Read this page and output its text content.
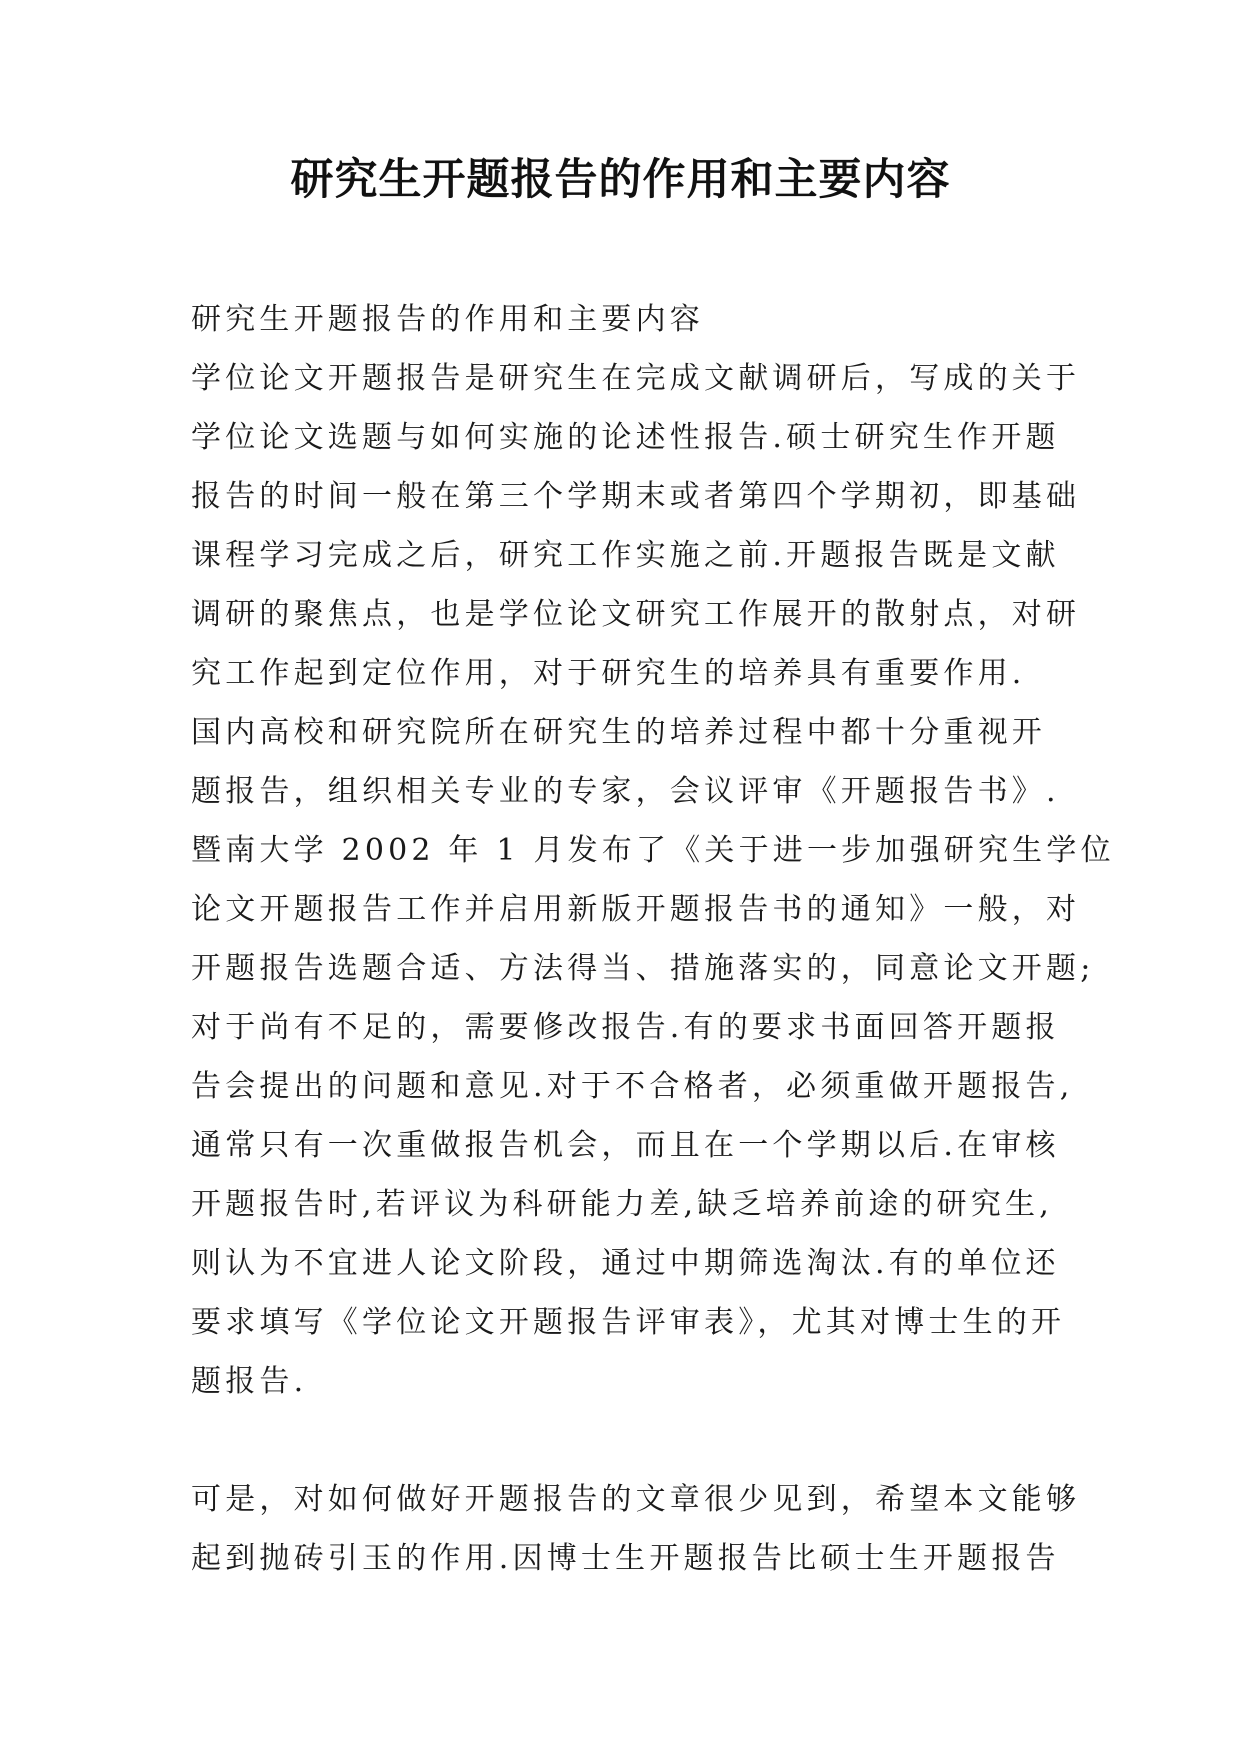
研究生开题报告的作用和主要内容
研究生开题报告的作用和主要内容
学位论文开题报告是研究生在完成文献调研后，写成的关于
学位论文选题与如何实施的论述性报告.硕士研究生作开题
报告的时间一般在第三个学期末或者第四个学期初，即基础
课程学习完成之后，研究工作实施之前.开题报告既是文献
调研的聚焦点，也是学位论文研究工作展开的散射点，对研
究工作起到定位作用，对于研究生的培养具有重要作用.
国内高校和研究院所在研究生的培养过程中都十分重视开
题报告，组织相关专业的专家，会议评审《开题报告书》.
暨南大学 2002 年 1 月发布了《关于进一步加强研究生学位
论文开题报告工作并启用新版开题报告书的通知》一般，对
开题报告选题合适、方法得当、措施落实的，同意论文开题;
对于尚有不足的，需要修改报告.有的要求书面回答开题报
告会提出的问题和意见.对于不合格者，必须重做开题报告,
通常只有一次重做报告机会，而且在一个学期以后.在审核
开题报告时,若评议为科研能力差,缺乏培养前途的研究生,
则认为不宜进人论文阶段，通过中期筛选淘汰.有的单位还
要求填写《学位论文开题报告评审表》，尤其对博士生的开
题报告.
可是，对如何做好开题报告的文章很少见到，希望本文能够
起到抛砖引玉的作用.因博士生开题报告比硕士生开题报告
